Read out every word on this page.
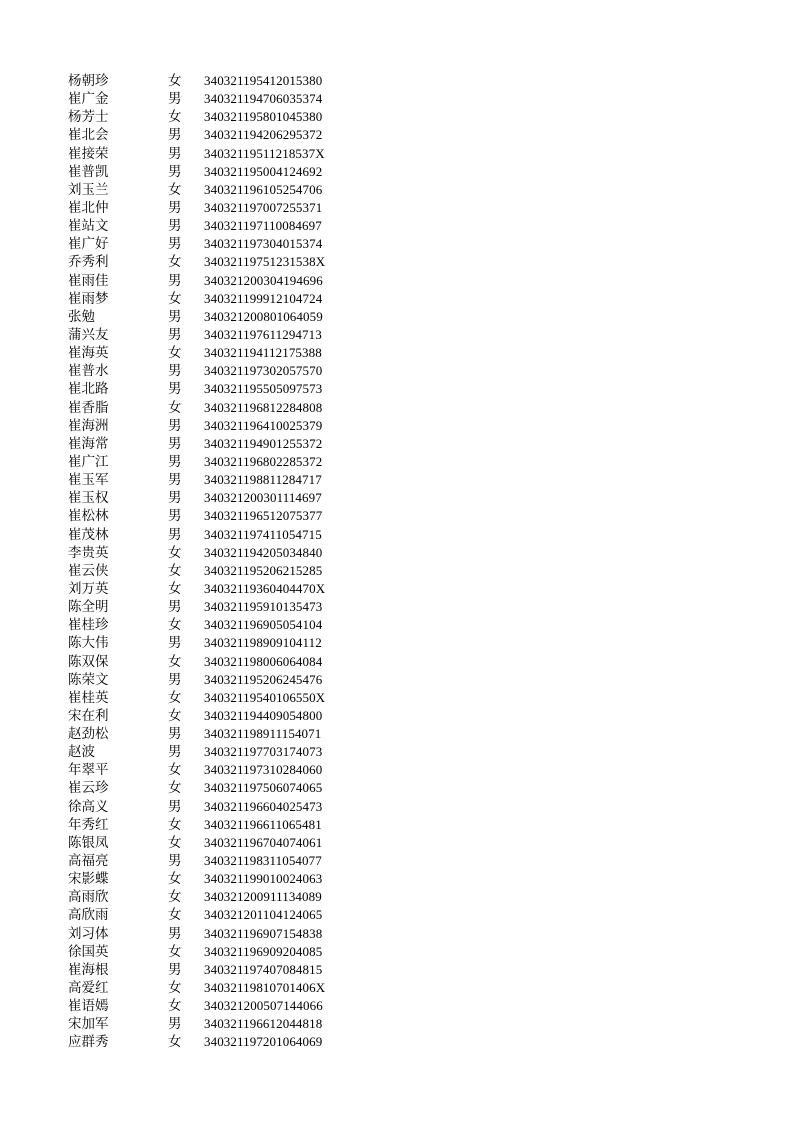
杨朝珍	女 340321195412015380
崔广金	男 340321194706035374
杨芳士	女 340321195801045380
崔北会	男 340321194206295372
崔接荣	男 34032119511218537X
崔普凯	男 340321195004124692
刘玉兰	女 340321196105254706
崔北仲	男 340321197007255371
崔站文	男 340321197110084697
崔广好	男 340321197304015374
乔秀利	女 34032119751231538X
崔雨佳	男 340321200304194696
崔雨梦	女 340321199912104724
张勉	男 340321200801064059
蒲兴友	男 340321197611294713
崔海英	女 340321194112175388
崔普水	男 340321197302057570
崔北路	男 340321195505097573
崔香脂	女 340321196812284808
崔海洲	男 340321196410025379
崔海常	男 340321194901255372
崔广江	男 340321196802285372
崔玉军	男 340321198811284717
崔玉权	男 340321200301114697
崔松林	男 340321196512075377
崔茂林	男 340321197411054715
李贵英	女 340321194205034840
崔云侠	女 340321195206215285
刘万英	女 34032119360404470X
陈全明	男 340321195910135473
崔桂珍	女 340321196905054104
陈大伟	男 340321198909104112
陈双保	女 340321198006064084
陈荣文	男 340321195206245476
崔桂英	女 34032119540106550X
宋在利	女 340321194409054800
赵劲松	男 340321198911154071
赵波	男 340321197703174073
年翠平	女 340321197310284060
崔云珍	女 340321197506074065
徐高义	男 340321196604025473
年秀红	女 340321196611065481
陈银凤	女 340321196704074061
高福亮	男 340321198311054077
宋影蝶	女 340321199010024063
高雨欣	女 340321200911134089
高欣雨	女 340321201104124065
刘习体	男 340321196907154838
徐国英	女 340321196909204085
崔海根	男 340321197407084815
高爱红	女 34032119810701406X
崔语嫣	女 340321200507144066
宋加军	男 340321196612044818
应群秀	女 340321197201064069
